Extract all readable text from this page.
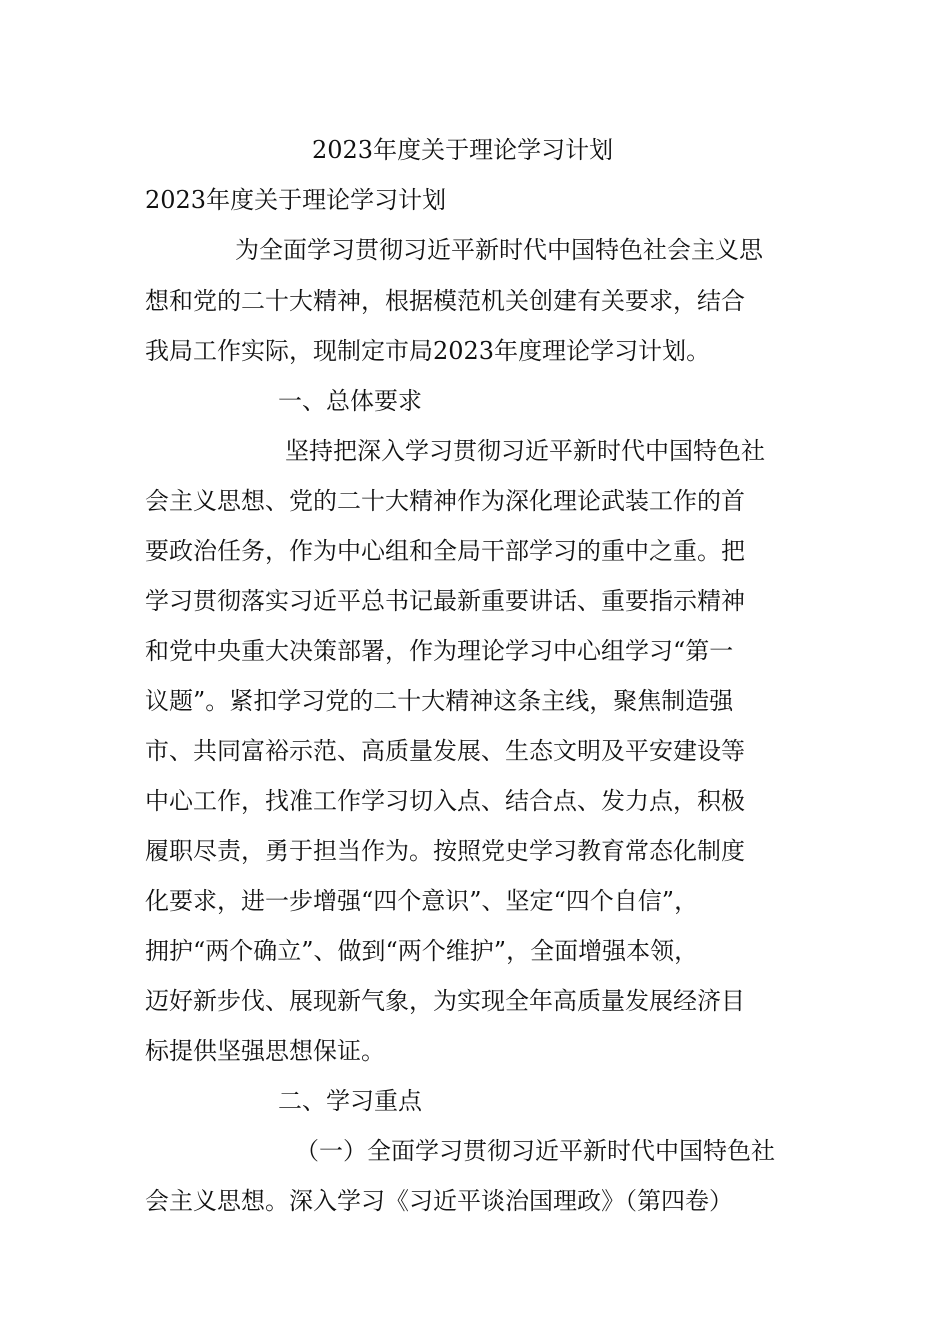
2023年度关于理论学习计划
2023年度关于理论学习计划
为全面学习贯彻习近平新时代中国特色社会主义思
想和党的二十大精神，根据模范机关创建有关要求，结合
我局工作实际，现制定市局2023年度理论学习计划。
一、总体要求
坚持把深入学习贯彻习近平新时代中国特色社
会主义思想、党的二十大精神作为深化理论武装工作的首
要政治任务，作为中心组和全局干部学习的重中之重。把
学习贯彻落实习近平总书记最新重要讲话、重要指示精神
和党中央重大决策部署，作为理论学习中心组学习“第一
议题”。紧扣学习党的二十大精神这条主线，聚焦制造强
市、共同富裕示范、高质量发展、生态文明及平安建设等
中心工作，找准工作学习切入点、结合点、发力点，积极
履职尽责，勇于担当作为。按照党史学习教育常态化制度
化要求，进一步增强“四个意识”、坚定“四个自信”，
拥护“两个确立”、做到“两个维护”，全面增强本领，
迈好新步伐、展现新气象，为实现全年高质量发展经济目
标提供坚强思想保证。
二、学习重点
（一）全面学习贯彻习近平新时代中国特色社
会主义思想。深入学习《习近平谈治国理政》（第四卷）
